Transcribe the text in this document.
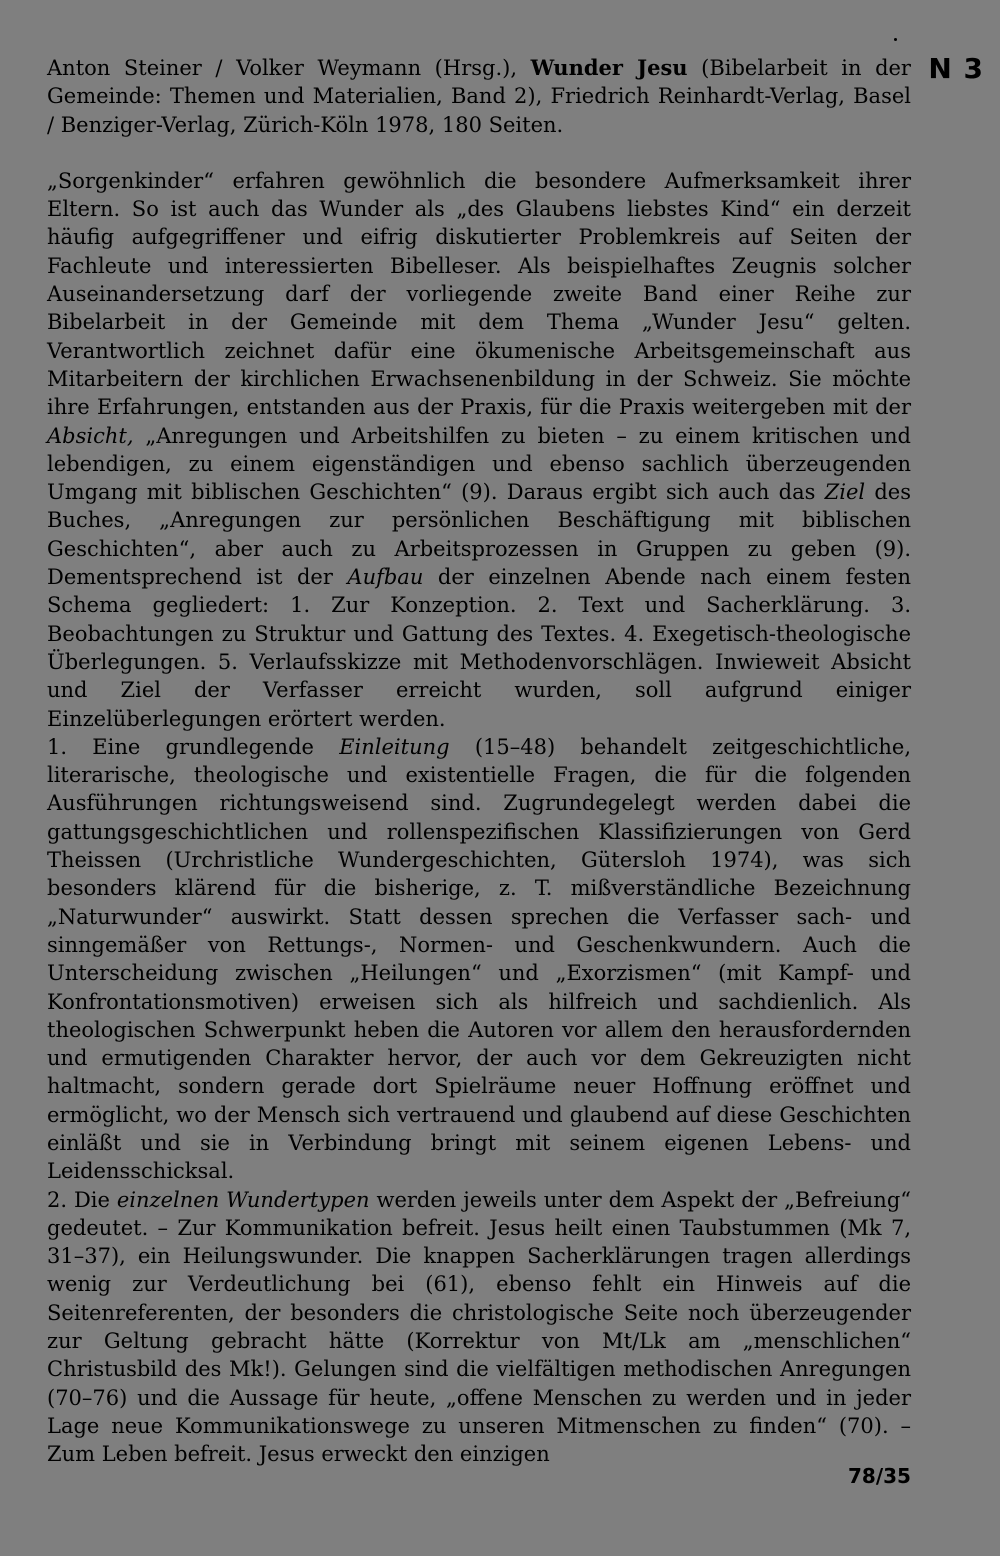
N 3

Anton Steiner / Volker Weymann (Hrsg.), Wunder Jesu (Bibelarbeit in der Gemeinde: Themen und Materialien, Band 2), Friedrich Reinhardt-Verlag, Basel / Benziger-Verlag, Zürich-Köln 1978, 180 Seiten.

„Sorgenkinder“ erfahren gewöhnlich die besondere Aufmerksamkeit ihrer Eltern. So ist auch das Wunder als „des Glaubens liebstes Kind“ ein derzeit häufig aufgegriffener und eifrig diskutierter Problemkreis auf Seiten der Fachleute und interessierten Bibelleser. Als beispielhaftes Zeugnis solcher Auseinandersetzung darf der vorliegende zweite Band einer Reihe zur Bibelarbeit in der Gemeinde mit dem Thema „Wunder Jesu“ gelten. Verantwortlich zeichnet dafür eine ökumenische Arbeitsgemeinschaft aus Mitarbeitern der kirchlichen Erwachsenenbildung in der Schweiz. Sie möchte ihre Erfahrungen, entstanden aus der Praxis, für die Praxis weitergeben mit der Absicht, „Anregungen und Arbeitshilfen zu bieten – zu einem kritischen und lebendigen, zu einem eigenständigen und ebenso sachlich überzeugenden Umgang mit biblischen Geschichten“ (9). Daraus ergibt sich auch das Ziel des Buches, „Anregungen zur persönlichen Beschäftigung mit biblischen Geschichten“, aber auch zu Arbeitsprozessen in Gruppen zu geben (9). Dementsprechend ist der Aufbau der einzelnen Abende nach einem festen Schema gegliedert: 1. Zur Konzeption. 2. Text und Sacherklärung. 3. Beobachtungen zu Struktur und Gattung des Textes. 4. Exegetisch-theologische Überlegungen. 5. Verlaufsskizze mit Methodenvorschlägen. Inwieweit Absicht und Ziel der Verfasser erreicht wurden, soll aufgrund einiger Einzelüberlegungen erörtert werden.

1. Eine grundlegende Einleitung (15–48) behandelt zeitgeschichtliche, literarische, theologische und existentielle Fragen, die für die folgenden Ausführungen richtungsweisend sind. Zugrundegelegt werden dabei die gattungsgeschichtlichen und rollenspezifischen Klassifizierungen von Gerd Theissen (Urchristliche Wundergeschichten, Gütersloh 1974), was sich besonders klärend für die bisherige, z. T. mißverständliche Bezeichnung „Naturwunder“ auswirkt. Statt dessen sprechen die Verfasser sach- und sinngemäßer von Rettungs-, Normen- und Geschenkwundern. Auch die Unterscheidung zwischen „Heilungen“ und „Exorzismen“ (mit Kampf- und Konfrontationsmotiven) erweisen sich als hilfreich und sachdienlich. Als theologischen Schwerpunkt heben die Autoren vor allem den herausfordernden und ermutigenden Charakter hervor, der auch vor dem Gekreuzigten nicht haltmacht, sondern gerade dort Spielräume neuer Hoffnung eröffnet und ermöglicht, wo der Mensch sich vertrauend und glaubend auf diese Geschichten einläßt und sie in Verbindung bringt mit seinem eigenen Lebens- und Leidensschicksal.

2. Die einzelnen Wundertypen werden jeweils unter dem Aspekt der „Befreiung“ gedeutet. – Zur Kommunikation befreit. Jesus heilt einen Taubstummen (Mk 7, 31–37), ein Heilungswunder. Die knappen Sacherklärungen tragen allerdings wenig zur Verdeutlichung bei (61), ebenso fehlt ein Hinweis auf die Seitenreferenten, der besonders die christologische Seite noch überzeugender zur Geltung gebracht hätte (Korrektur von Mt/Lk am „menschlichen“ Christusbild des Mk!). Gelungen sind die vielfältigen methodischen Anregungen (70–76) und die Aussage für heute, „offene Menschen zu werden und in jeder Lage neue Kommunikationswege zu unseren Mitmenschen zu finden“ (70). – Zum Leben befreit. Jesus erweckt den einzigen

78/35
